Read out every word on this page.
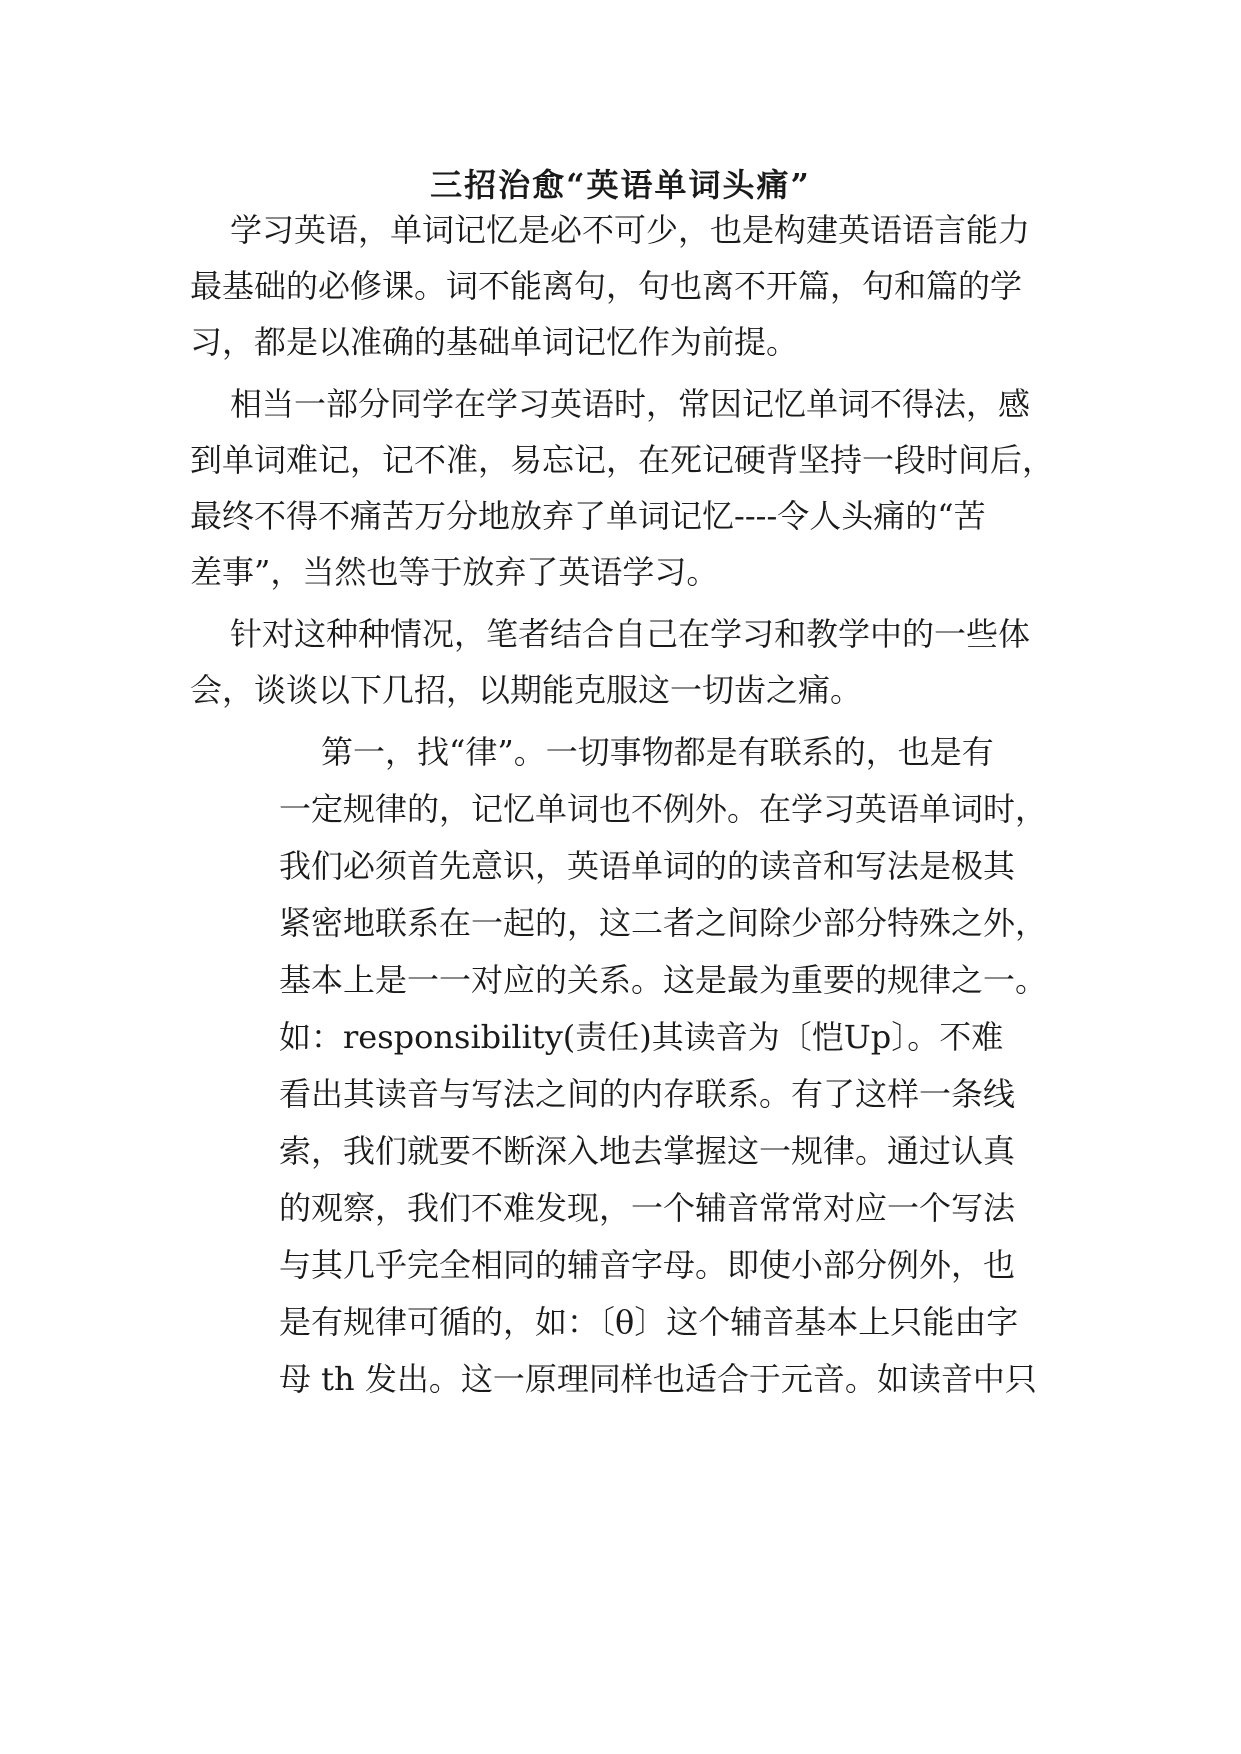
三招治愈“英语单词头痛”

学习英语，单词记忆是必不可少，也是构建英语语言能力

最基础的必修课。词不能离句，句也离不开篇，句和篇的学

习，都是以准确的基础单词记忆作为前提。

相当一部分同学在学习英语时，常因记忆单词不得法，感

到单词难记，记不准，易忘记，在死记硬背坚持一段时间后，

最终不得不痛苦万分地放弃了单词记忆----令人头痛的“苦

差事”，当然也等于放弃了英语学习。

针对这种种情况，笔者结合自己在学习和教学中的一些体

会，谈谈以下几招，以期能克服这一切齿之痛。

第一，找“律”。一切事物都是有联系的，也是有

一定规律的，记忆单词也不例外。在学习英语单词时，

我们必须首先意识，英语单词的的读音和写法是极其

紧密地联系在一起的，这二者之间除少部分特殊之外，

基本上是一一对应的关系。这是最为重要的规律之一。

如：responsibility(责任)其读音为〔恺Up〕。不难

看出其读音与写法之间的内存联系。有了这样一条线

索，我们就要不断深入地去掌握这一规律。通过认真

的观察，我们不难发现，一个辅音常常对应一个写法

与其几乎完全相同的辅音字母。即使小部分例外，也

是有规律可循的，如：〔θ〕这个辅音基本上只能由字

母 th 发出。这一原理同样也适合于元音。如读音中只
